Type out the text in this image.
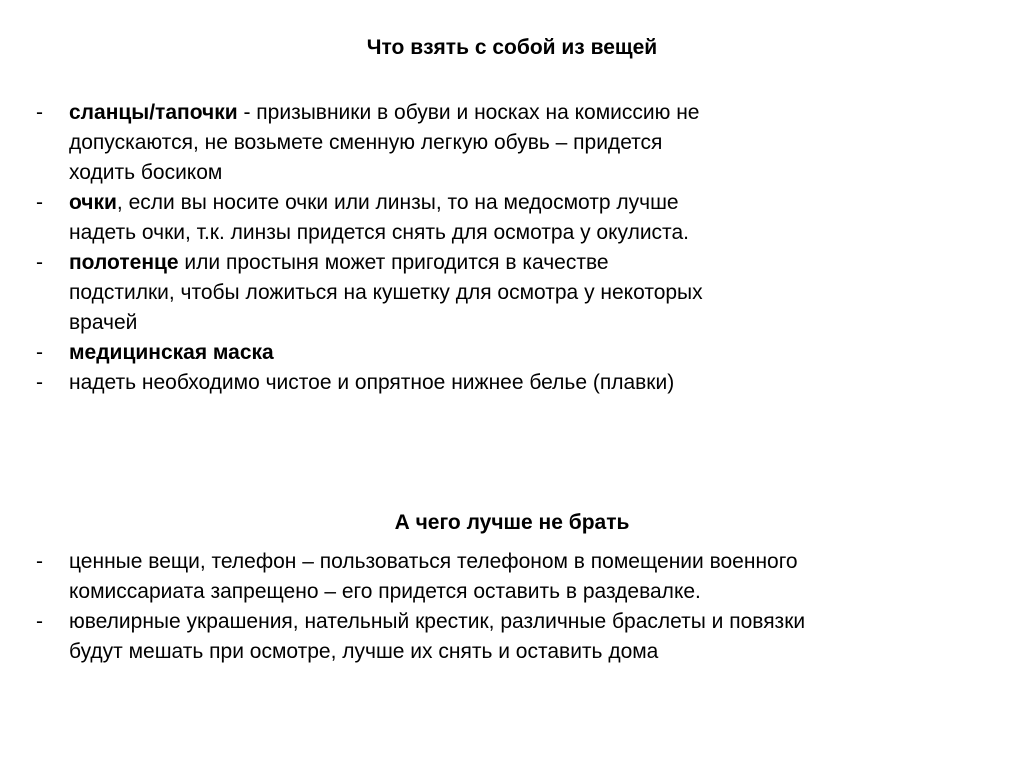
Что взять с собой из вещей
- сланцы/тапочки - призывники в обуви и носках на комиссию не
допускаются, не возьмете сменную легкую обувь – придется
ходить босиком
- очки, если вы носите очки или линзы, то на медосмотр лучше
надеть очки, т.к. линзы придется снять для осмотра у окулиста.
- полотенце или простыня может пригодится в качестве
подстилки, чтобы ложиться на кушетку для осмотра у некоторых
врачей
- медицинская маска
- надеть необходимо чистое и опрятное нижнее белье (плавки)
А чего лучше не брать
- ценные вещи, телефон – пользоваться телефоном в помещении военного
комиссариата запрещено – его придется оставить в раздевалке.
- ювелирные украшения, нательный крестик, различные браслеты и повязки
будут мешать при осмотре, лучше их снять и оставить дома
